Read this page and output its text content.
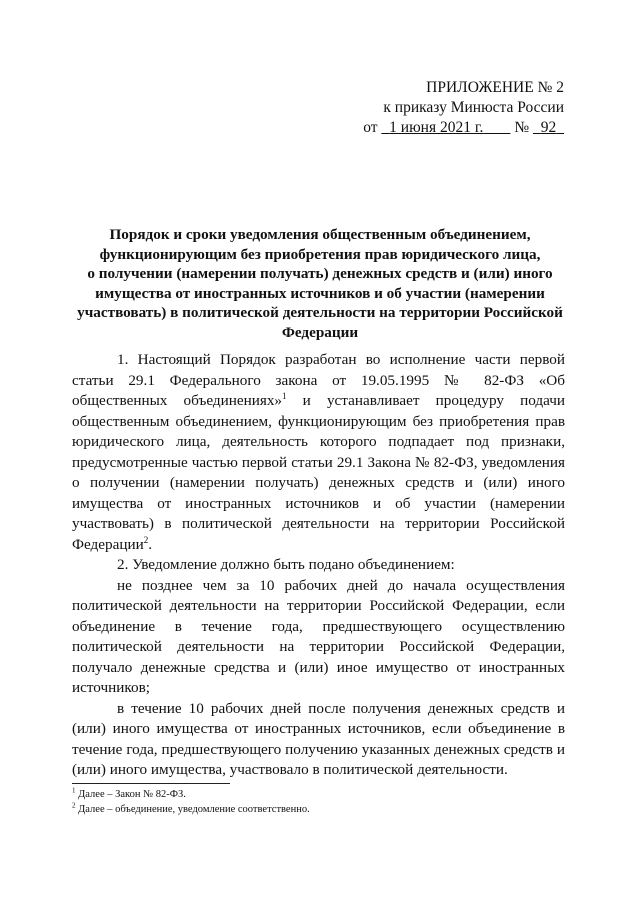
ПРИЛОЖЕНИЕ № 2
к приказу Минюста России
от 1 июня 2021 г. № 92
Порядок и сроки уведомления общественным объединением,
функционирующим без приобретения прав юридического лица,
о получении (намерении получать) денежных средств и (или) иного
имущества от иностранных источников и об участии (намерении
участвовать) в политической деятельности на территории Российской
Федерации

1. Настоящий Порядок разработан во исполнение части первой статьи 29.1 Федерального закона от 19.05.1995 № 82-ФЗ «Об общественных объединениях»$^1$ и устанавливает процедуру подачи общественным объединением, функционирующим без приобретения прав юридического лица, деятельность которого подпадает под признаки, предусмотренные частью первой статьи 29.1 Закона № 82-ФЗ, уведомления о получении (намерении получать) денежных средств и (или) иного имущества от иностранных источников и об участии (намерении участвовать) в политической деятельности на территории Российской Федерации$^2$.

2. Уведомление должно быть подано объединением:

не позднее чем за 10 рабочих дней до начала осуществления политической деятельности на территории Российской Федерации, если объединение в течение года, предшествующего осуществлению политической деятельности на территории Российской Федерации, получало денежные средства и (или) иное имущество от иностранных источников;

в течение 10 рабочих дней после получения денежных средств и (или) иного имущества от иностранных источников, если объединение в течение года, предшествующего получению указанных денежных средств и (или) иного имущества, участвовало в политической деятельности.

$^1$ Далее – Закон № 82-ФЗ.
$^2$ Далее – объединение, уведомление соответственно.
